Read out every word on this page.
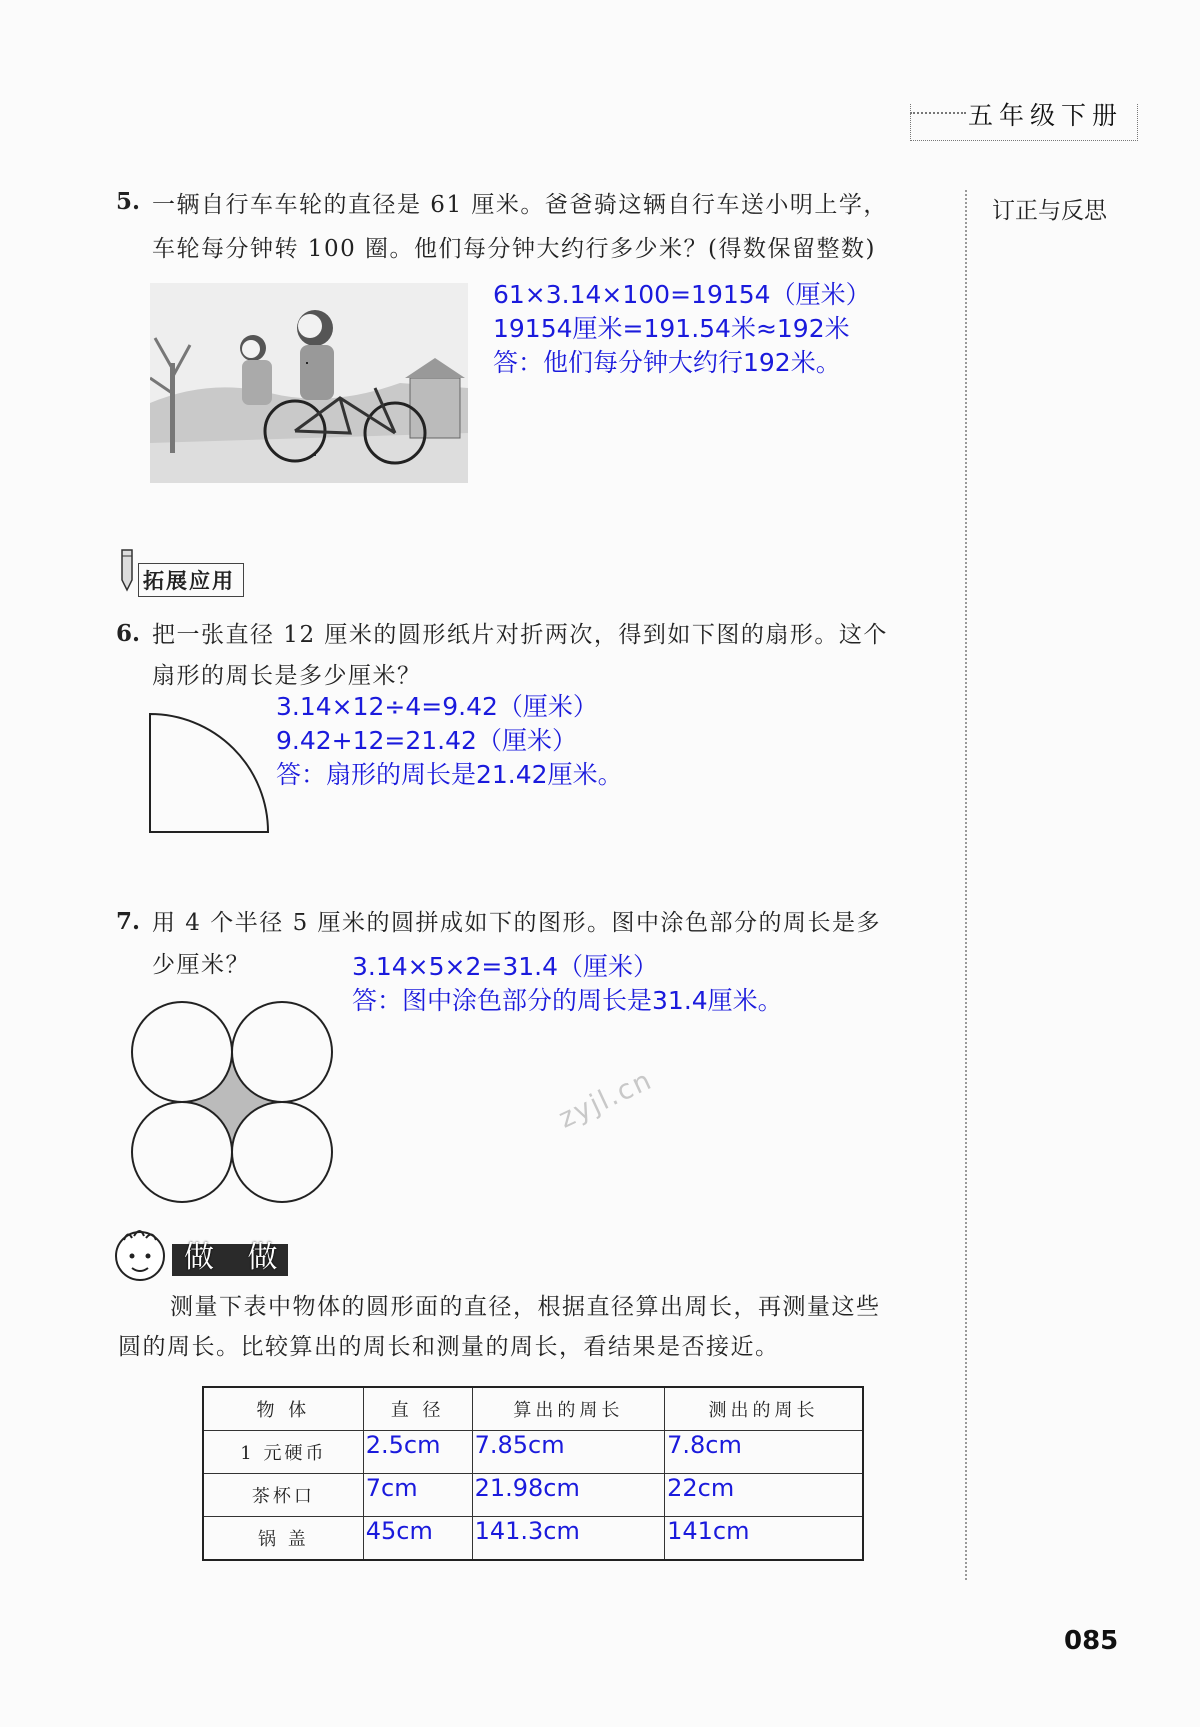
五年级下册
订正与反思
5. 一辆自行车车轮的直径是 61 厘米。爸爸骑这辆自行车送小明上学，
车轮每分钟转 100 圈。他们每分钟大约行多少米？(得数保留整数)
61×3.14×100=19154（厘米）
19154厘米=191.54米≈192米
答：他们每分钟大约行192米。
拓展应用
6. 把一张直径 12 厘米的圆形纸片对折两次，得到如下图的扇形。这个
扇形的周长是多少厘米？
3.14×12÷4=9.42（厘米）
9.42+12=21.42（厘米）
答：扇形的周长是21.42厘米。
7. 用 4 个半径 5 厘米的圆拼成如下的图形。图中涂色部分的周长是多
少厘米？	3.14×5×2=31.4（厘米）
答：图中涂色部分的周长是31.4厘米。
zyjl.cn
做 做
测量下表中物体的圆形面的直径，根据直径算出周长，再测量这些
圆的周长。比较算出的周长和测量的周长，看结果是否接近。
物 体	直 径	算出的周长	测出的周长
1 元硬币	2.5cm	7.85cm	7.8cm
茶杯口	7cm	21.98cm	22cm
锅 盖	45cm	141.3cm	141cm
085
